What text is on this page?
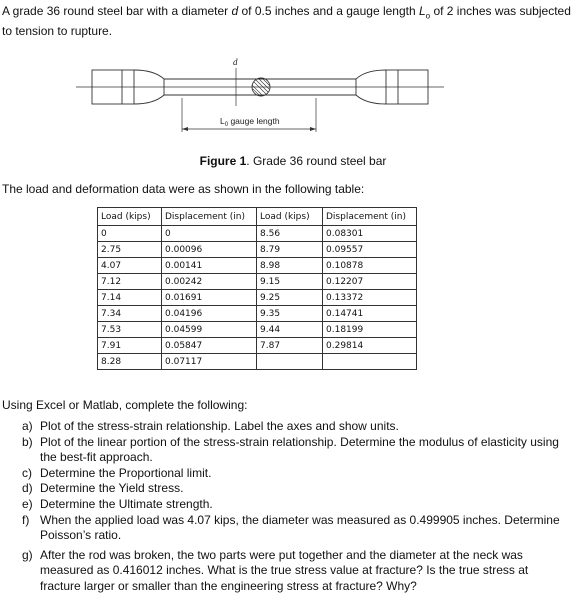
A grade 36 round steel bar with a diameter d of 0.5 inches and a gauge length $L_o$ of 2 inches was subjected to tension to rupture.
d
$L_0$ gauge length
Figure 1. Grade 36 round steel bar
The load and deformation data were as shown in the following table:
Load (kips)	Displacement (in)	Load (kips)	Displacement (in)
0	0	8.56	0.08301
2.75	0.00096	8.79	0.09557
4.07	0.00141	8.98	0.10878
7.12	0.00242	9.15	0.12207
7.14	0.01691	9.25	0.13372
7.34	0.04196	9.35	0.14741
7.53	0.04599	9.44	0.18199
7.91	0.05847	7.87	0.29814
8.28	0.07117		
Using Excel or Matlab, complete the following:
a) Plot of the stress-strain relationship. Label the axes and show units.
b) Plot of the linear portion of the stress-strain relationship. Determine the modulus of elasticity using the best-fit approach.
c) Determine the Proportional limit.
d) Determine the Yield stress.
e) Determine the Ultimate strength.
f) When the applied load was 4.07 kips, the diameter was measured as 0.499905 inches. Determine Poisson’s ratio.
g) After the rod was broken, the two parts were put together and the diameter at the neck was measured as 0.416012 inches. What is the true stress value at fracture? Is the true stress at fracture larger or smaller than the engineering stress at fracture? Why?
